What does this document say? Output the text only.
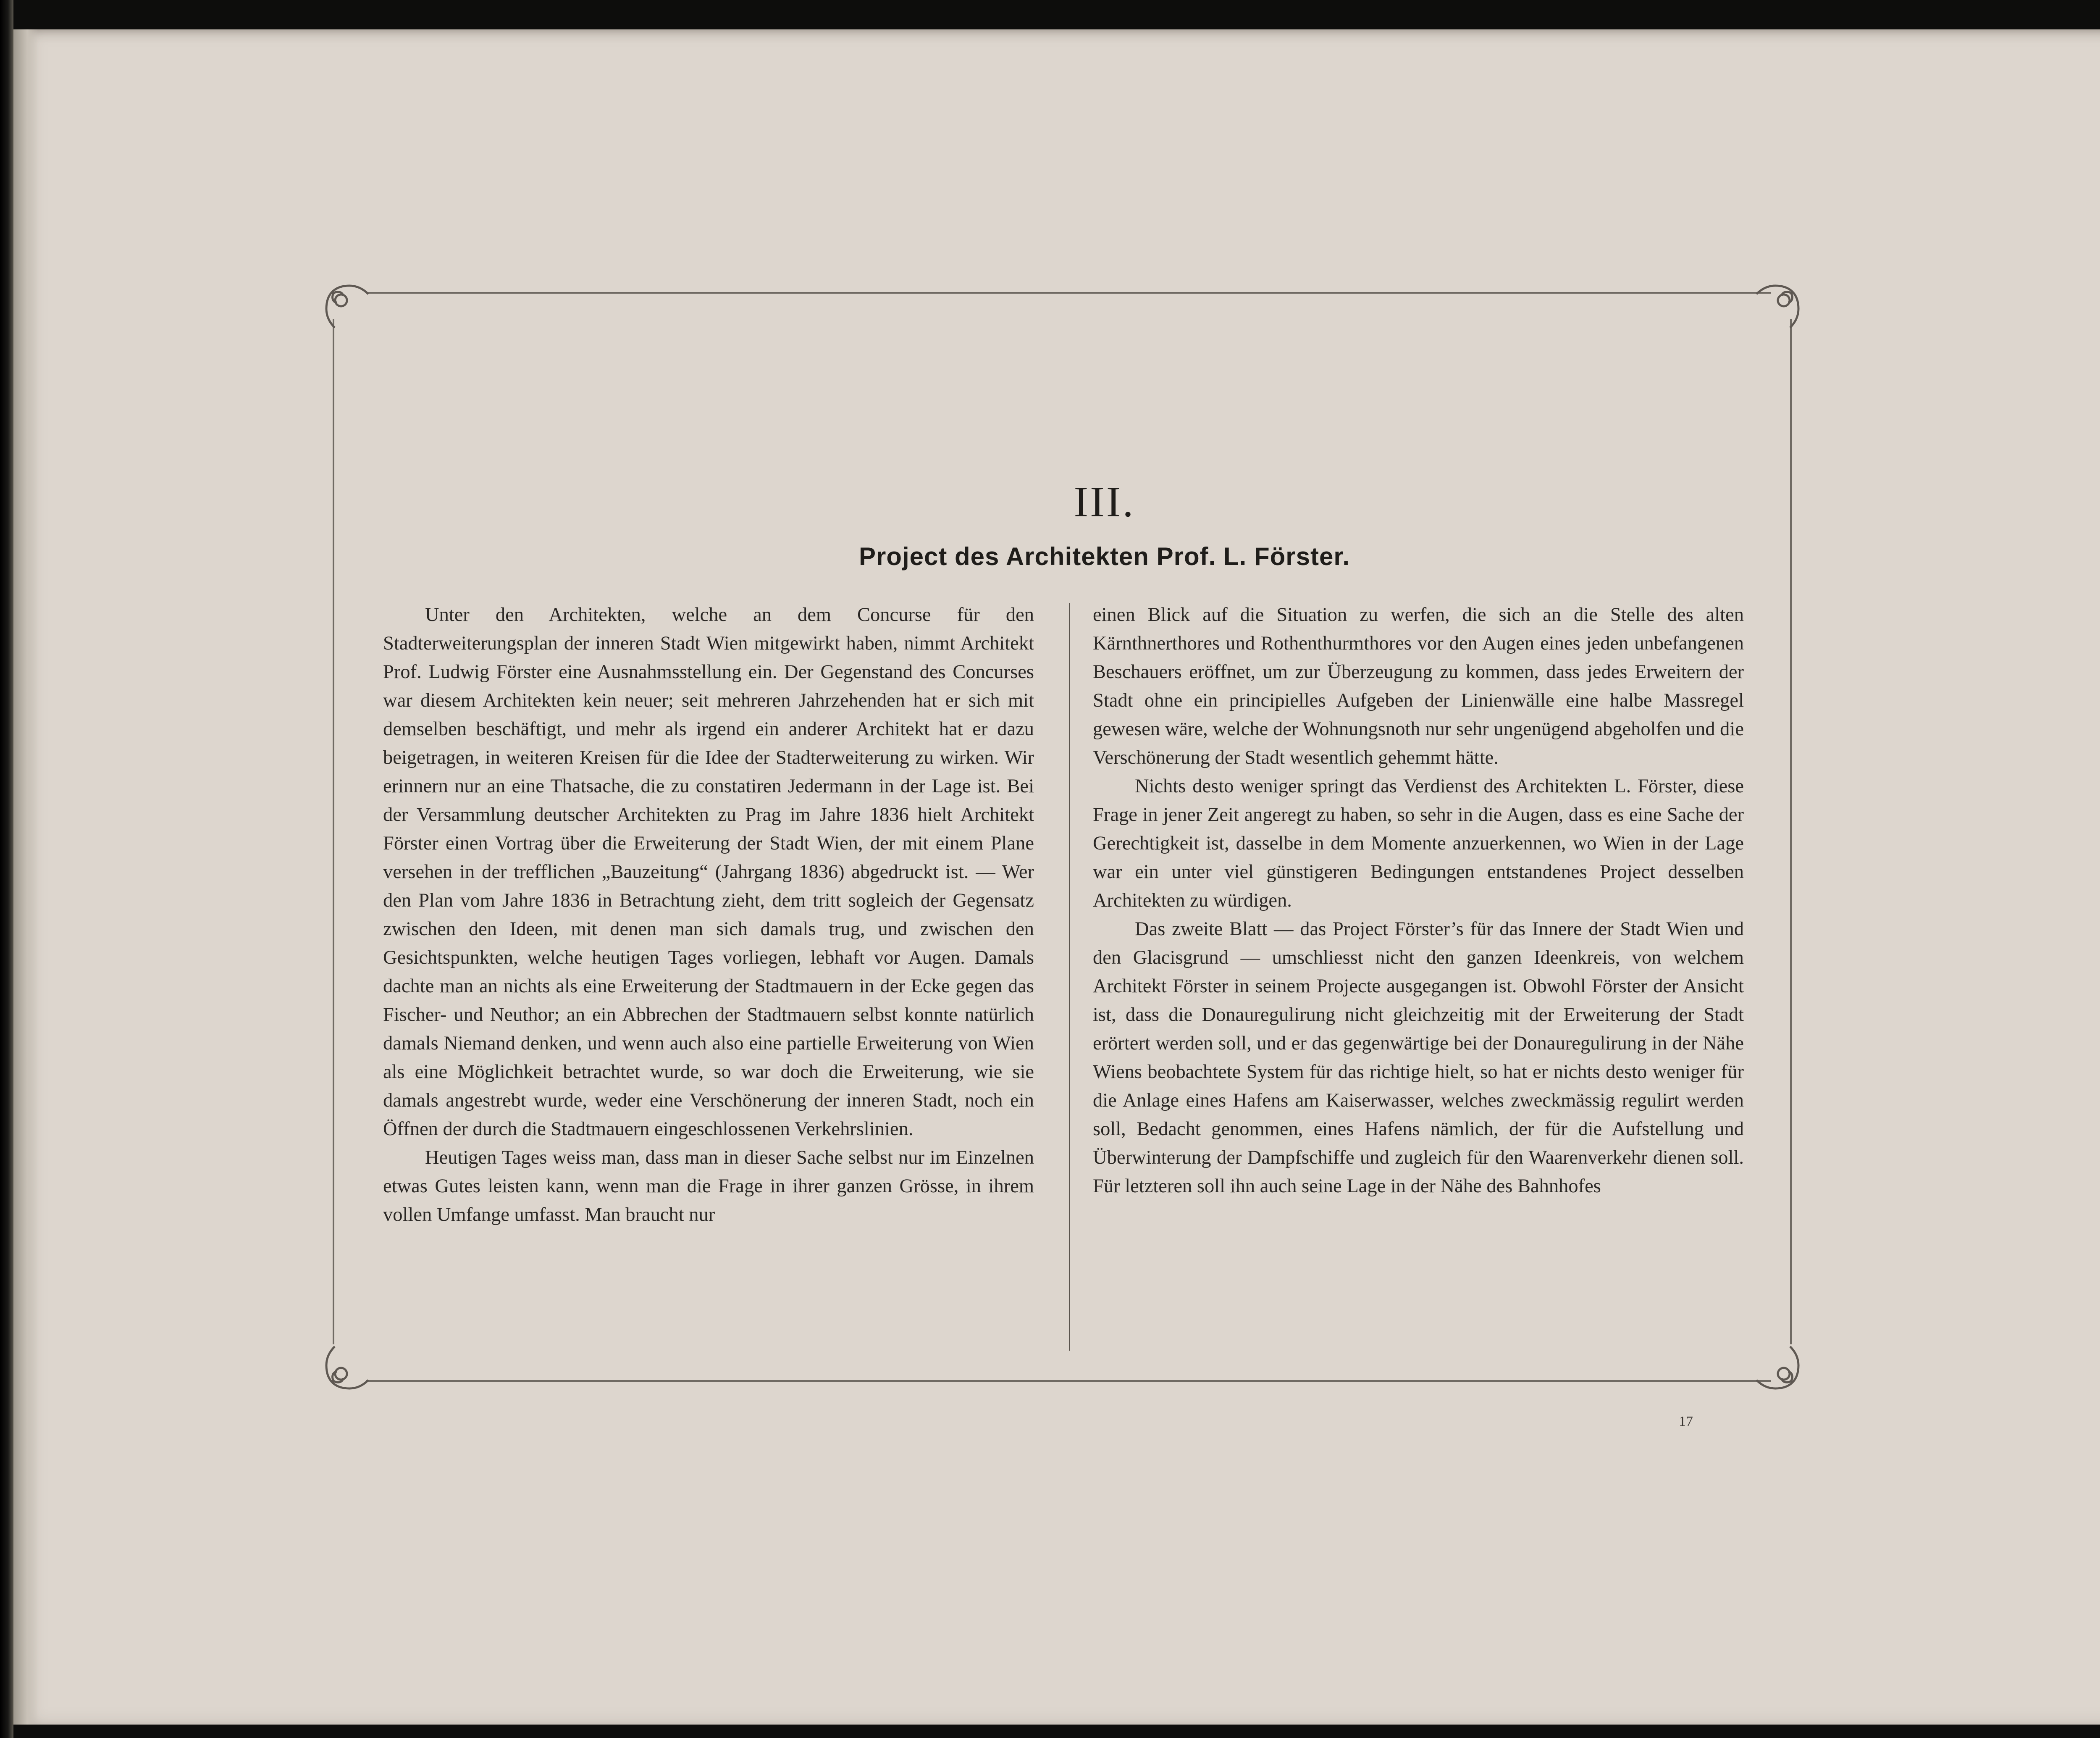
III.
Project des Architekten Prof. L. Förster.

Unter den Architekten, welche an dem Concurse für den Stadterweiterungsplan der inneren Stadt Wien mitgewirkt haben, nimmt Architekt Prof. Ludwig Förster eine Ausnahmsstellung ein. Der Gegenstand des Concurses war diesem Architekten kein neuer; seit mehreren Jahrzehenden hat er sich mit demselben beschäftigt, und mehr als irgend ein anderer Architekt hat er dazu beigetragen, in weiteren Kreisen für die Idee der Stadterweiterung zu wirken. Wir erinnern nur an eine Thatsache, die zu constatiren Jedermann in der Lage ist. Bei der Versammlung deutscher Architekten zu Prag im Jahre 1836 hielt Architekt Förster einen Vortrag über die Erweiterung der Stadt Wien, der mit einem Plane versehen in der trefflichen „Bauzeitung“ (Jahrgang 1836) abgedruckt ist. — Wer den Plan vom Jahre 1836 in Betrachtung zieht, dem tritt sogleich der Gegensatz zwischen den Ideen, mit denen man sich damals trug, und zwischen den Gesichtspunkten, welche heutigen Tages vorliegen, lebhaft vor Augen. Damals dachte man an nichts als eine Erweiterung der Stadtmauern in der Ecke gegen das Fischer- und Neuthor; an ein Abbrechen der Stadtmauern selbst konnte natürlich damals Niemand denken, und wenn auch also eine partielle Erweiterung von Wien als eine Möglichkeit betrachtet wurde, so war doch die Erweiterung, wie sie damals angestrebt wurde, weder eine Verschönerung der inneren Stadt, noch ein Öffnen der durch die Stadtmauern eingeschlossenen Verkehrslinien.

Heutigen Tages weiss man, dass man in dieser Sache selbst nur im Einzelnen etwas Gutes leisten kann, wenn man die Frage in ihrer ganzen Grösse, in ihrem vollen Umfange umfasst. Man braucht nur

einen Blick auf die Situation zu werfen, die sich an die Stelle des alten Kärnthnerthores und Rothenthurmthores vor den Augen eines jeden unbefangenen Beschauers eröffnet, um zur Überzeugung zu kommen, dass jedes Erweitern der Stadt ohne ein principielles Aufgeben der Linienwälle eine halbe Massregel gewesen wäre, welche der Wohnungsnoth nur sehr ungenügend abgeholfen und die Verschönerung der Stadt wesentlich gehemmt hätte.

Nichts desto weniger springt das Verdienst des Architekten L. Förster, diese Frage in jener Zeit angeregt zu haben, so sehr in die Augen, dass es eine Sache der Gerechtigkeit ist, dasselbe in dem Momente anzuerkennen, wo Wien in der Lage war ein unter viel günstigeren Bedingungen entstandenes Project desselben Architekten zu würdigen.

Das zweite Blatt — das Project Förster’s für das Innere der Stadt Wien und den Glacisgrund — umschliesst nicht den ganzen Ideenkreis, von welchem Architekt Förster in seinem Projecte ausgegangen ist. Obwohl Förster der Ansicht ist, dass die Donauregulirung nicht gleichzeitig mit der Erweiterung der Stadt erörtert werden soll, und er das gegenwärtige bei der Donauregulirung in der Nähe Wiens beobachtete System für das richtige hielt, so hat er nichts desto weniger für die Anlage eines Hafens am Kaiserwasser, welches zweckmässig regulirt werden soll, Bedacht genommen, eines Hafens nämlich, der für die Aufstellung und Überwinterung der Dampfschiffe und zugleich für den Waarenverkehr dienen soll. Für letzteren soll ihn auch seine Lage in der Nähe des Bahnhofes

17
